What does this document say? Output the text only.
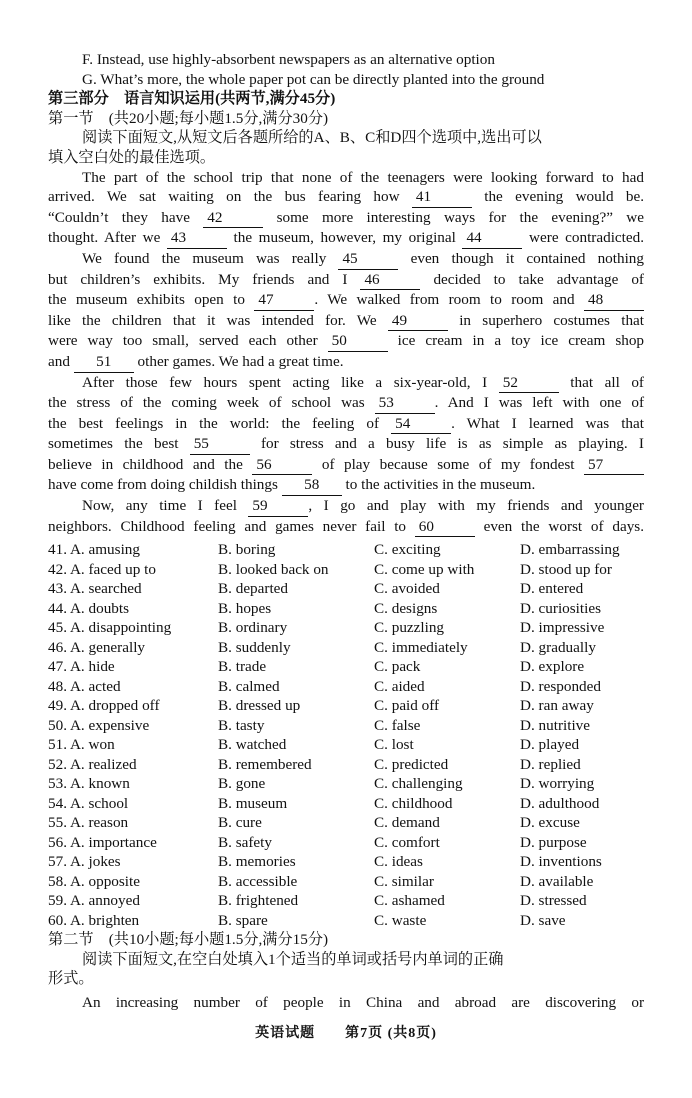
F. Instead, use highly-absorbent newspapers as an alternative option
G. What’s more, the whole paper pot can be directly planted into the ground
第三部分　语言知识运用(共两节,满分45分)
第一节　(共20小题;每小题1.5分,满分30分)
阅读下面短文,从短文后各题所给的A、B、C和D四个选项中,选出可以
填入空白处的最佳选项。
The part of the school trip that none of the teenagers were looking forward to had
arrived. We sat waiting on the bus fearing how 41	the evening would be.
“Couldn’t they have 42	some more interesting ways for the evening?” we
thought. After we 43	the museum, however, my original 44	were contradicted.
We found the museum was really 45	even though it contained nothing
but children’s exhibits. My friends and I 46	decided to take advantage of
the museum exhibits open to 47	. We walked from room to room and 48
like the children that it was intended for. We 49	in superhero costumes that
were way too small, served each other 50	ice cream in a toy ice cream shop
and 51 other games. We had a great time.
After those few hours spent acting like a six-year-old, I 52	that all of
the stress of the coming week of school was 53	. And I was left with one of
the best feelings in the world: the feeling of 54	. What I learned was that
sometimes the best 55	for stress and a busy life is as simple as playing. I
believe in childhood and the 56	of play because some of my fondest 57
have come from doing childish things 58 to the activities in the museum.
Now, any time I feel 59	, I go and play with my friends and younger
neighbors. Childhood feeling and games never fail to 60	even the worst of days.
41. A. amusing	B. boring	C. exciting	D. embarrassing
42. A. faced up to	B. looked back on	C. come up with	D. stood up for
43. A. searched	B. departed	C. avoided	D. entered
44. A. doubts	B. hopes	C. designs	D. curiosities
45. A. disappointing	B. ordinary	C. puzzling	D. impressive
46. A. generally	B. suddenly	C. immediately	D. gradually
47. A. hide	B. trade	C. pack	D. explore
48. A. acted	B. calmed	C. aided	D. responded
49. A. dropped off	B. dressed up	C. paid off	D. ran away
50. A. expensive	B. tasty	C. false	D. nutritive
51. A. won	B. watched	C. lost	D. played
52. A. realized	B. remembered	C. predicted	D. replied
53. A. known	B. gone	C. challenging	D. worrying
54. A. school	B. museum	C. childhood	D. adulthood
55. A. reason	B. cure	C. demand	D. excuse
56. A. importance	B. safety	C. comfort	D. purpose
57. A. jokes	B. memories	C. ideas	D. inventions
58. A. opposite	B. accessible	C. similar	D. available
59. A. annoyed	B. frightened	C. ashamed	D. stressed
60. A. brighten	B. spare	C. waste	D. save
第二节　(共10小题;每小题1.5分,满分15分)
阅读下面短文,在空白处填入1个适当的单词或括号内单词的正确
形式。
An increasing number of people in China and abroad are discovering or
英语试题　　第7页 (共8页)
